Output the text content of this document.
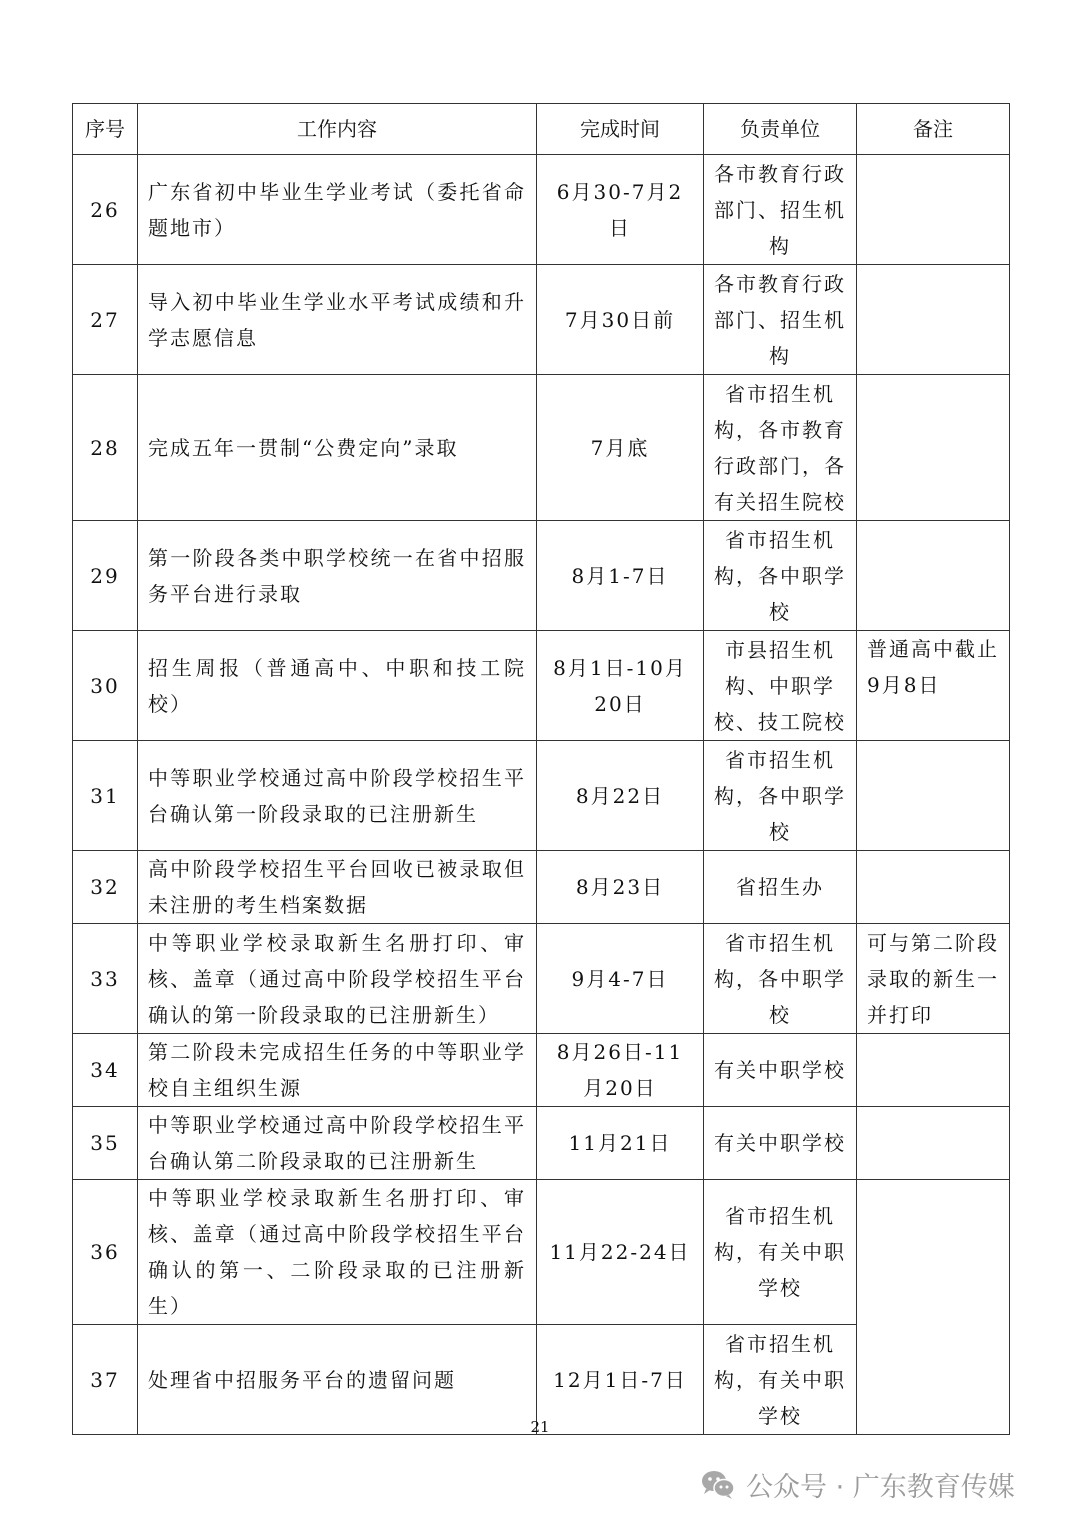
序号	工作内容	完成时间	负责单位	备注
26	广东省初中毕业生学业考试（委托省命题地市）	6月30-7月2日	各市教育行政部门、招生机构	
27	导入初中毕业生学业水平考试成绩和升学志愿信息	7月30日前	各市教育行政部门、招生机构	
28	完成五年一贯制“公费定向”录取	7月底	省市招生机构，各市教育行政部门，各有关招生院校	
29	第一阶段各类中职学校统一在省中招服务平台进行录取	8月1-7日	省市招生机构，各中职学校	
30	招生周报（普通高中、中职和技工院校）	8月1日-10月20日	市县招生机构、中职学校、技工院校	普通高中截止9月8日
31	中等职业学校通过高中阶段学校招生平台确认第一阶段录取的已注册新生	8月22日	省市招生机构，各中职学校	
32	高中阶段学校招生平台回收已被录取但未注册的考生档案数据	8月23日	省招生办	
33	中等职业学校录取新生名册打印、审核、盖章（通过高中阶段学校招生平台确认的第一阶段录取的已注册新生）	9月4-7日	省市招生机构，各中职学校	可与第二阶段录取的新生一并打印
34	第二阶段未完成招生任务的中等职业学校自主组织生源	8月26日-11月20日	有关中职学校	
35	中等职业学校通过高中阶段学校招生平台确认第二阶段录取的已注册新生	11月21日	有关中职学校	
36	中等职业学校录取新生名册打印、审核、盖章（通过高中阶段学校招生平台确认的第一、二阶段录取的已注册新生）	11月22-24日	省市招生机构，有关中职学校	
37	处理省中招服务平台的遗留问题	12月1日-7日	省市招生机构，有关中职学校	
21
公众号 · 广东教育传媒
